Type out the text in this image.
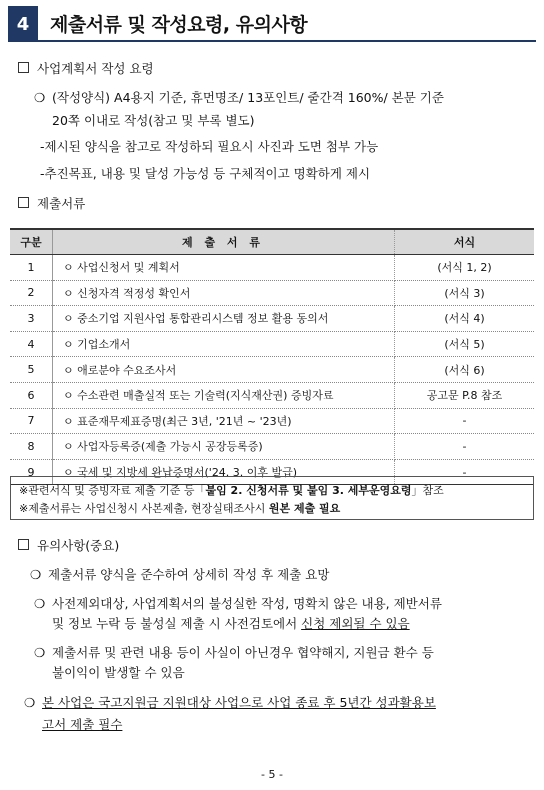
4	제출서류 및 작성요령, 유의사항
사업계획서 작성 요령
❍ (작성양식) A4용지 기준, 휴먼명조/ 13포인트/ 줄간격 160%/ 본문 기준
20쪽 이내로 작성(참고 및 부록 별도)
-제시된 양식을 참고로 작성하되 필요시 사진과 도면 첨부 가능
-추진목표, 내용 및 달성 가능성 등 구체적이고 명확하게 제시
제출서류
구분	제 출 서 류	서식
1	ㅇ 사업신청서 및 계획서	(서식 1, 2)
2	ㅇ 신청자격 적정성 확인서	(서식 3)
3	ㅇ 중소기업 지원사업 통합관리시스템 정보 활용 동의서	(서식 4)
4	ㅇ 기업소개서	(서식 5)
5	ㅇ 애로분야 수요조사서	(서식 6)
6	ㅇ 수소관련 매출실적 또는 기술력(지식재산권) 증빙자료	공고문 P.8 참조
7	ㅇ 표준재무제표증명(최근 3년, '21년 ~ '23년)	-
8	ㅇ 사업자등록증(제출 가능시 공장등록증)	-
9	ㅇ 국세 및 지방세 완납증명서('24. 3. 이후 발급)	-
※관련서식 및 증빙자료 제출 기준 등「붙임 2. 신청서류 및 붙임 3. 세부운영요령」참조
※제출서류는 사업신청시 사본제출, 현장실태조사시 원본 제출 필요
유의사항(중요)
❍ 제출서류 양식을 준수하여 상세히 작성 후 제출 요망
❍ 사전제외대상, 사업계획서의 불성실한 작성, 명확치 않은 내용, 제반서류
및 정보 누락 등 불성실 제출 시 사전검토에서 신청 제외될 수 있음
❍ 제출서류 및 관련 내용 등이 사실이 아닌경우 협약해지, 지원금 환수 등
불이익이 발생할 수 있음
❍ 본 사업은 국고지원금 지원대상 사업으로 사업 종료 후 5년간 성과활용보
고서 제출 필수
- 5 -
